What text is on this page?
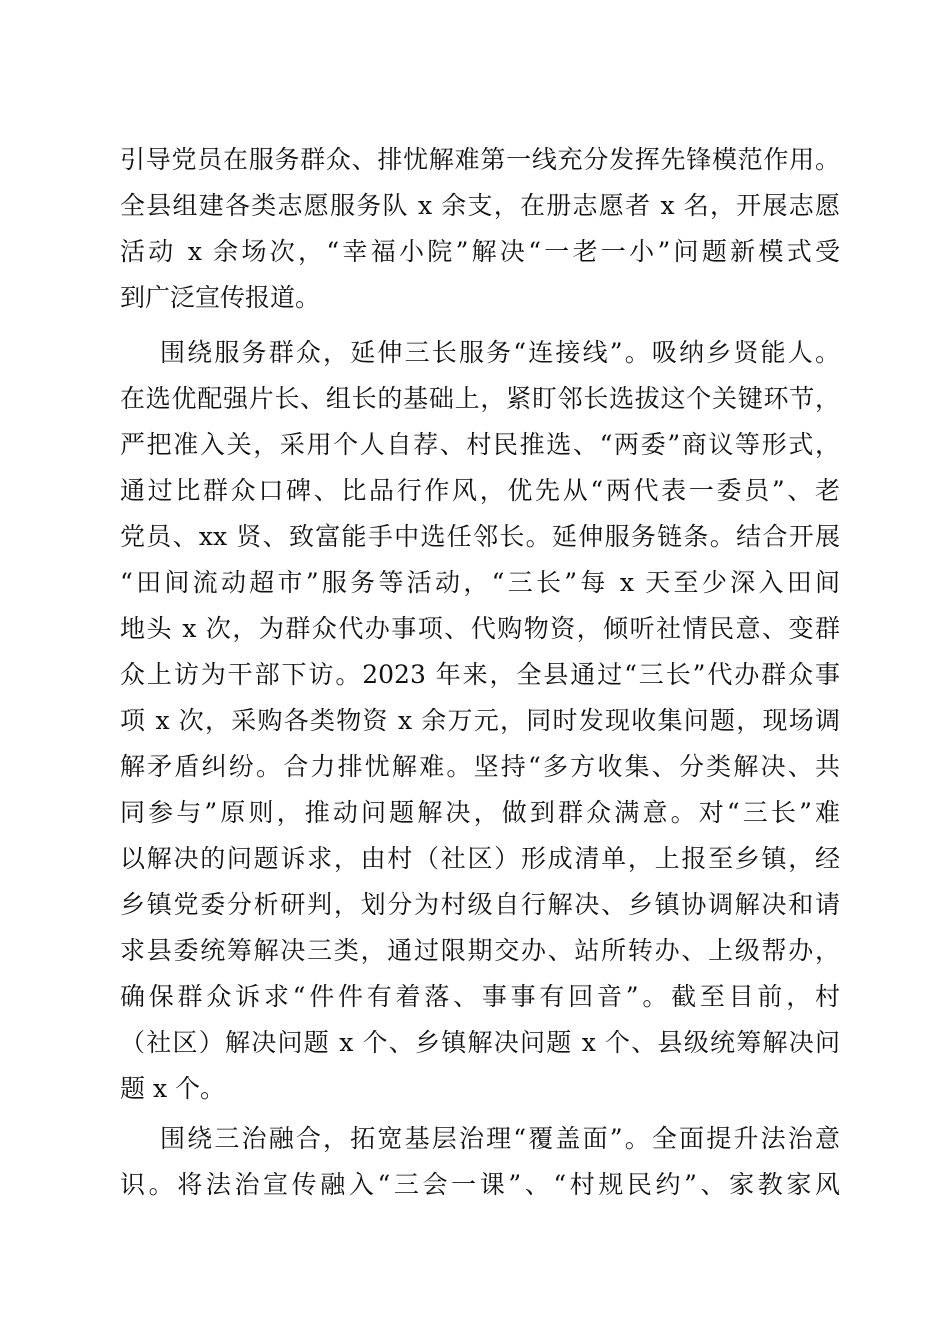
引导党员在服务群众、排忧解难第一线充分发挥先锋模范作用。
全县组建各类志愿服务队 x 余支，在册志愿者 x 名，开展志愿
活动 x 余场次，“幸福小院”解决“一老一小”问题新模式受
到广泛宣传报道。
围绕服务群众，延伸三长服务“连接线”。吸纳乡贤能人。
在选优配强片长、组长的基础上，紧盯邻长选拔这个关键环节，
严把准入关，采用个人自荐、村民推选、“两委”商议等形式，
通过比群众口碑、比品行作风，优先从“两代表一委员”、老
党员、xx 贤、致富能手中选任邻长。延伸服务链条。结合开展
“田间流动超市”服务等活动，“三长”每 x 天至少深入田间
地头 x 次，为群众代办事项、代购物资，倾听社情民意、变群
众上访为干部下访。2023 年来，全县通过“三长”代办群众事
项 x 次，采购各类物资 x 余万元，同时发现收集问题，现场调
解矛盾纠纷。合力排忧解难。坚持“多方收集、分类解决、共
同参与”原则，推动问题解决，做到群众满意。对“三长”难
以解决的问题诉求，由村（社区）形成清单，上报至乡镇，经
乡镇党委分析研判，划分为村级自行解决、乡镇协调解决和请
求县委统筹解决三类，通过限期交办、站所转办、上级帮办，
确保群众诉求“件件有着落、事事有回音”。截至目前，村
（社区）解决问题 x 个、乡镇解决问题 x 个、县级统筹解决问
题 x 个。
围绕三治融合，拓宽基层治理“覆盖面”。全面提升法治意
识。将法治宣传融入“三会一课”、“村规民约”、家教家风
